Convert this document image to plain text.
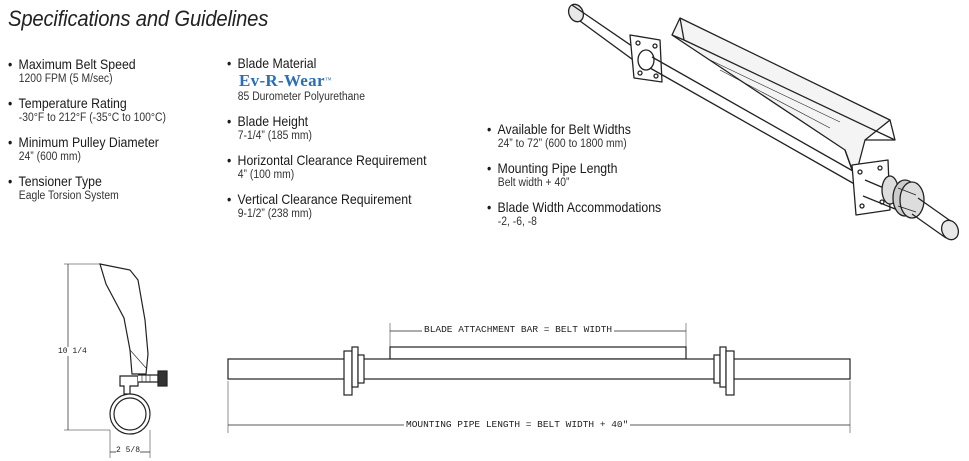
Specifications and Guidelines
• Maximum Belt Speed
1200 FPM (5 M/sec)
• Temperature Rating
-30°F to 212°F (-35°C to 100°C)
• Minimum Pulley Diameter
24” (600 mm)
• Tensioner Type
Eagle Torsion System
• Blade Material
Ev-R-Wear™
85 Durometer Polyurethane
• Blade Height
7-1/4” (185 mm)
• Horizontal Clearance Requirement
4” (100 mm)
• Vertical Clearance Requirement
9-1/2” (238 mm)
• Available for Belt Widths
24” to 72” (600 to 1800 mm)
• Mounting Pipe Length
Belt width + 40”
• Blade Width Accommodations
-2, -6, -8
10 1/4
2 5/8
BLADE ATTACHMENT BAR = BELT WIDTH
MOUNTING PIPE LENGTH = BELT WIDTH + 40"
